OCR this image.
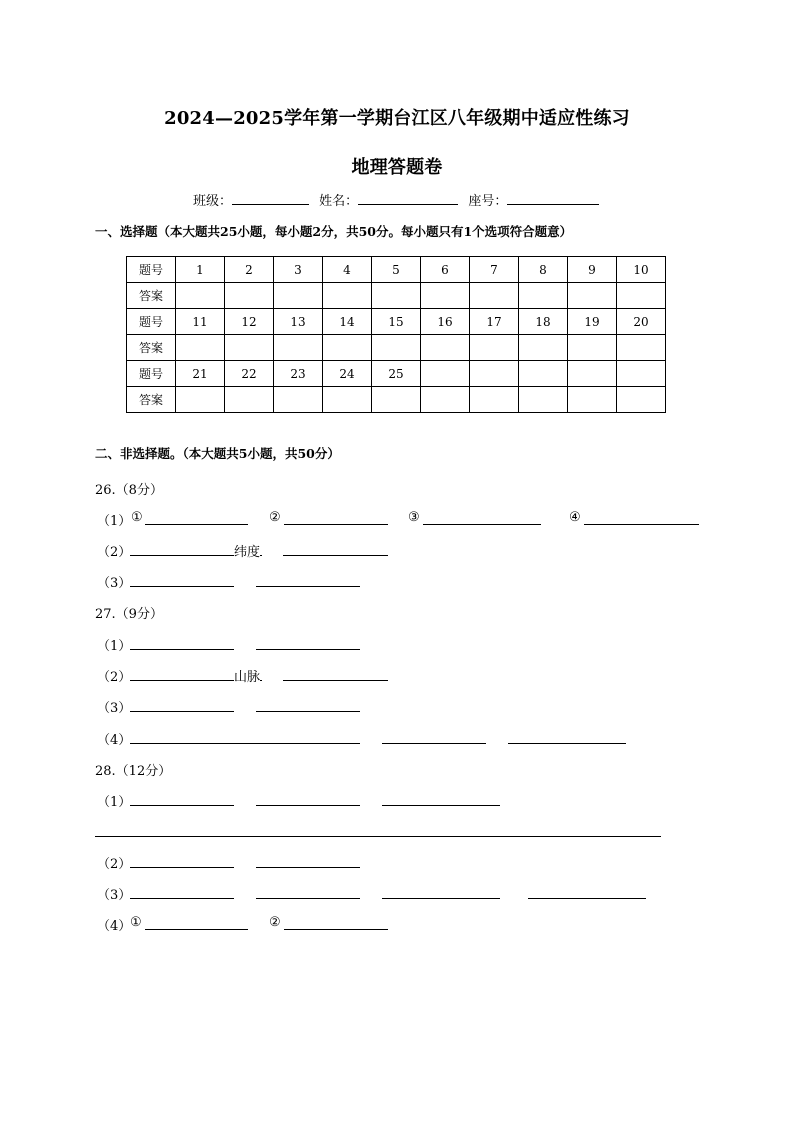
2024—2025学年第一学期台江区八年级期中适应性练习
地理答题卷
班级：	姓名：	座号：
一、选择题（本大题共25小题，每小题2分，共50分。每小题只有1个选项符合题意）
题号	1	2	3	4	5	6	7	8	9	10
答案										
题号	11	12	13	14	15	16	17	18	19	20
答案										
题号	21	22	23	24	25					
答案										
二、非选择题。（本大题共5小题，共50分）
26.（8分）
（1） ①	②	③	④
（2）	纬度
（3）
27.（9分）
（1）
（2）	山脉
（3）
（4）
28.（12分）
（1）
（2）
（3）
（4）
①	②
